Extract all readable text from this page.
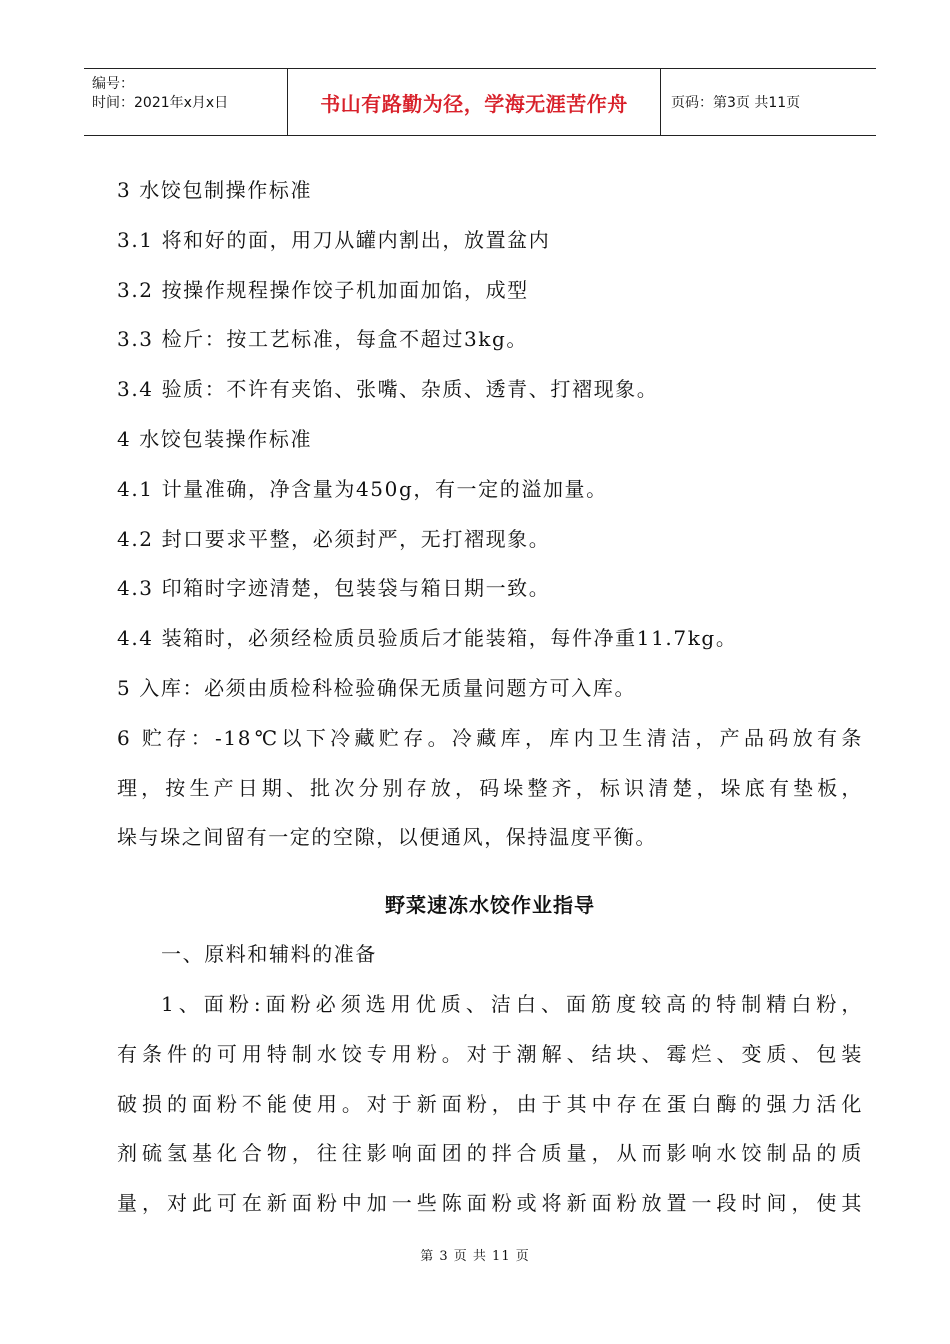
编号：
时间：2021年x月x日	书山有路勤为径，学海无涯苦作舟	页码：第3页 共11页
3 水饺包制操作标准
3.1 将和好的面，用刀从罐内割出，放置盆内
3.2 按操作规程操作饺子机加面加馅，成型
3.3 检斤：按工艺标准，每盒不超过3kg。
3.4 验质：不许有夹馅、张嘴、杂质、透青、打褶现象。
4 水饺包装操作标准
4.1 计量准确，净含量为450g，有一定的溢加量。
4.2 封口要求平整，必须封严，无打褶现象。
4.3 印箱时字迹清楚，包装袋与箱日期一致。
4.4 装箱时，必须经检质员验质后才能装箱，每件净重11.7kg。
5 入库：必须由质检科检验确保无质量问题方可入库。
6 贮存：-18℃以下冷藏贮存。冷藏库，库内卫生清洁，产品码放有条
理，按生产日期、批次分别存放，码垛整齐，标识清楚，垛底有垫板，
垛与垛之间留有一定的空隙，以便通风，保持温度平衡。
野菜速冻水饺作业指导
一、原料和辅料的准备
1、面粉:面粉必须选用优质、洁白、面筋度较高的特制精白粉，
有条件的可用特制水饺专用粉。对于潮解、结块、霉烂、变质、包装
破损的面粉不能使用。对于新面粉，由于其中存在蛋白酶的强力活化
剂硫氢基化合物，往往影响面团的拌合质量，从而影响水饺制品的质
量，对此可在新面粉中加一些陈面粉或将新面粉放置一段时间，使其
第 3 页 共 11 页
